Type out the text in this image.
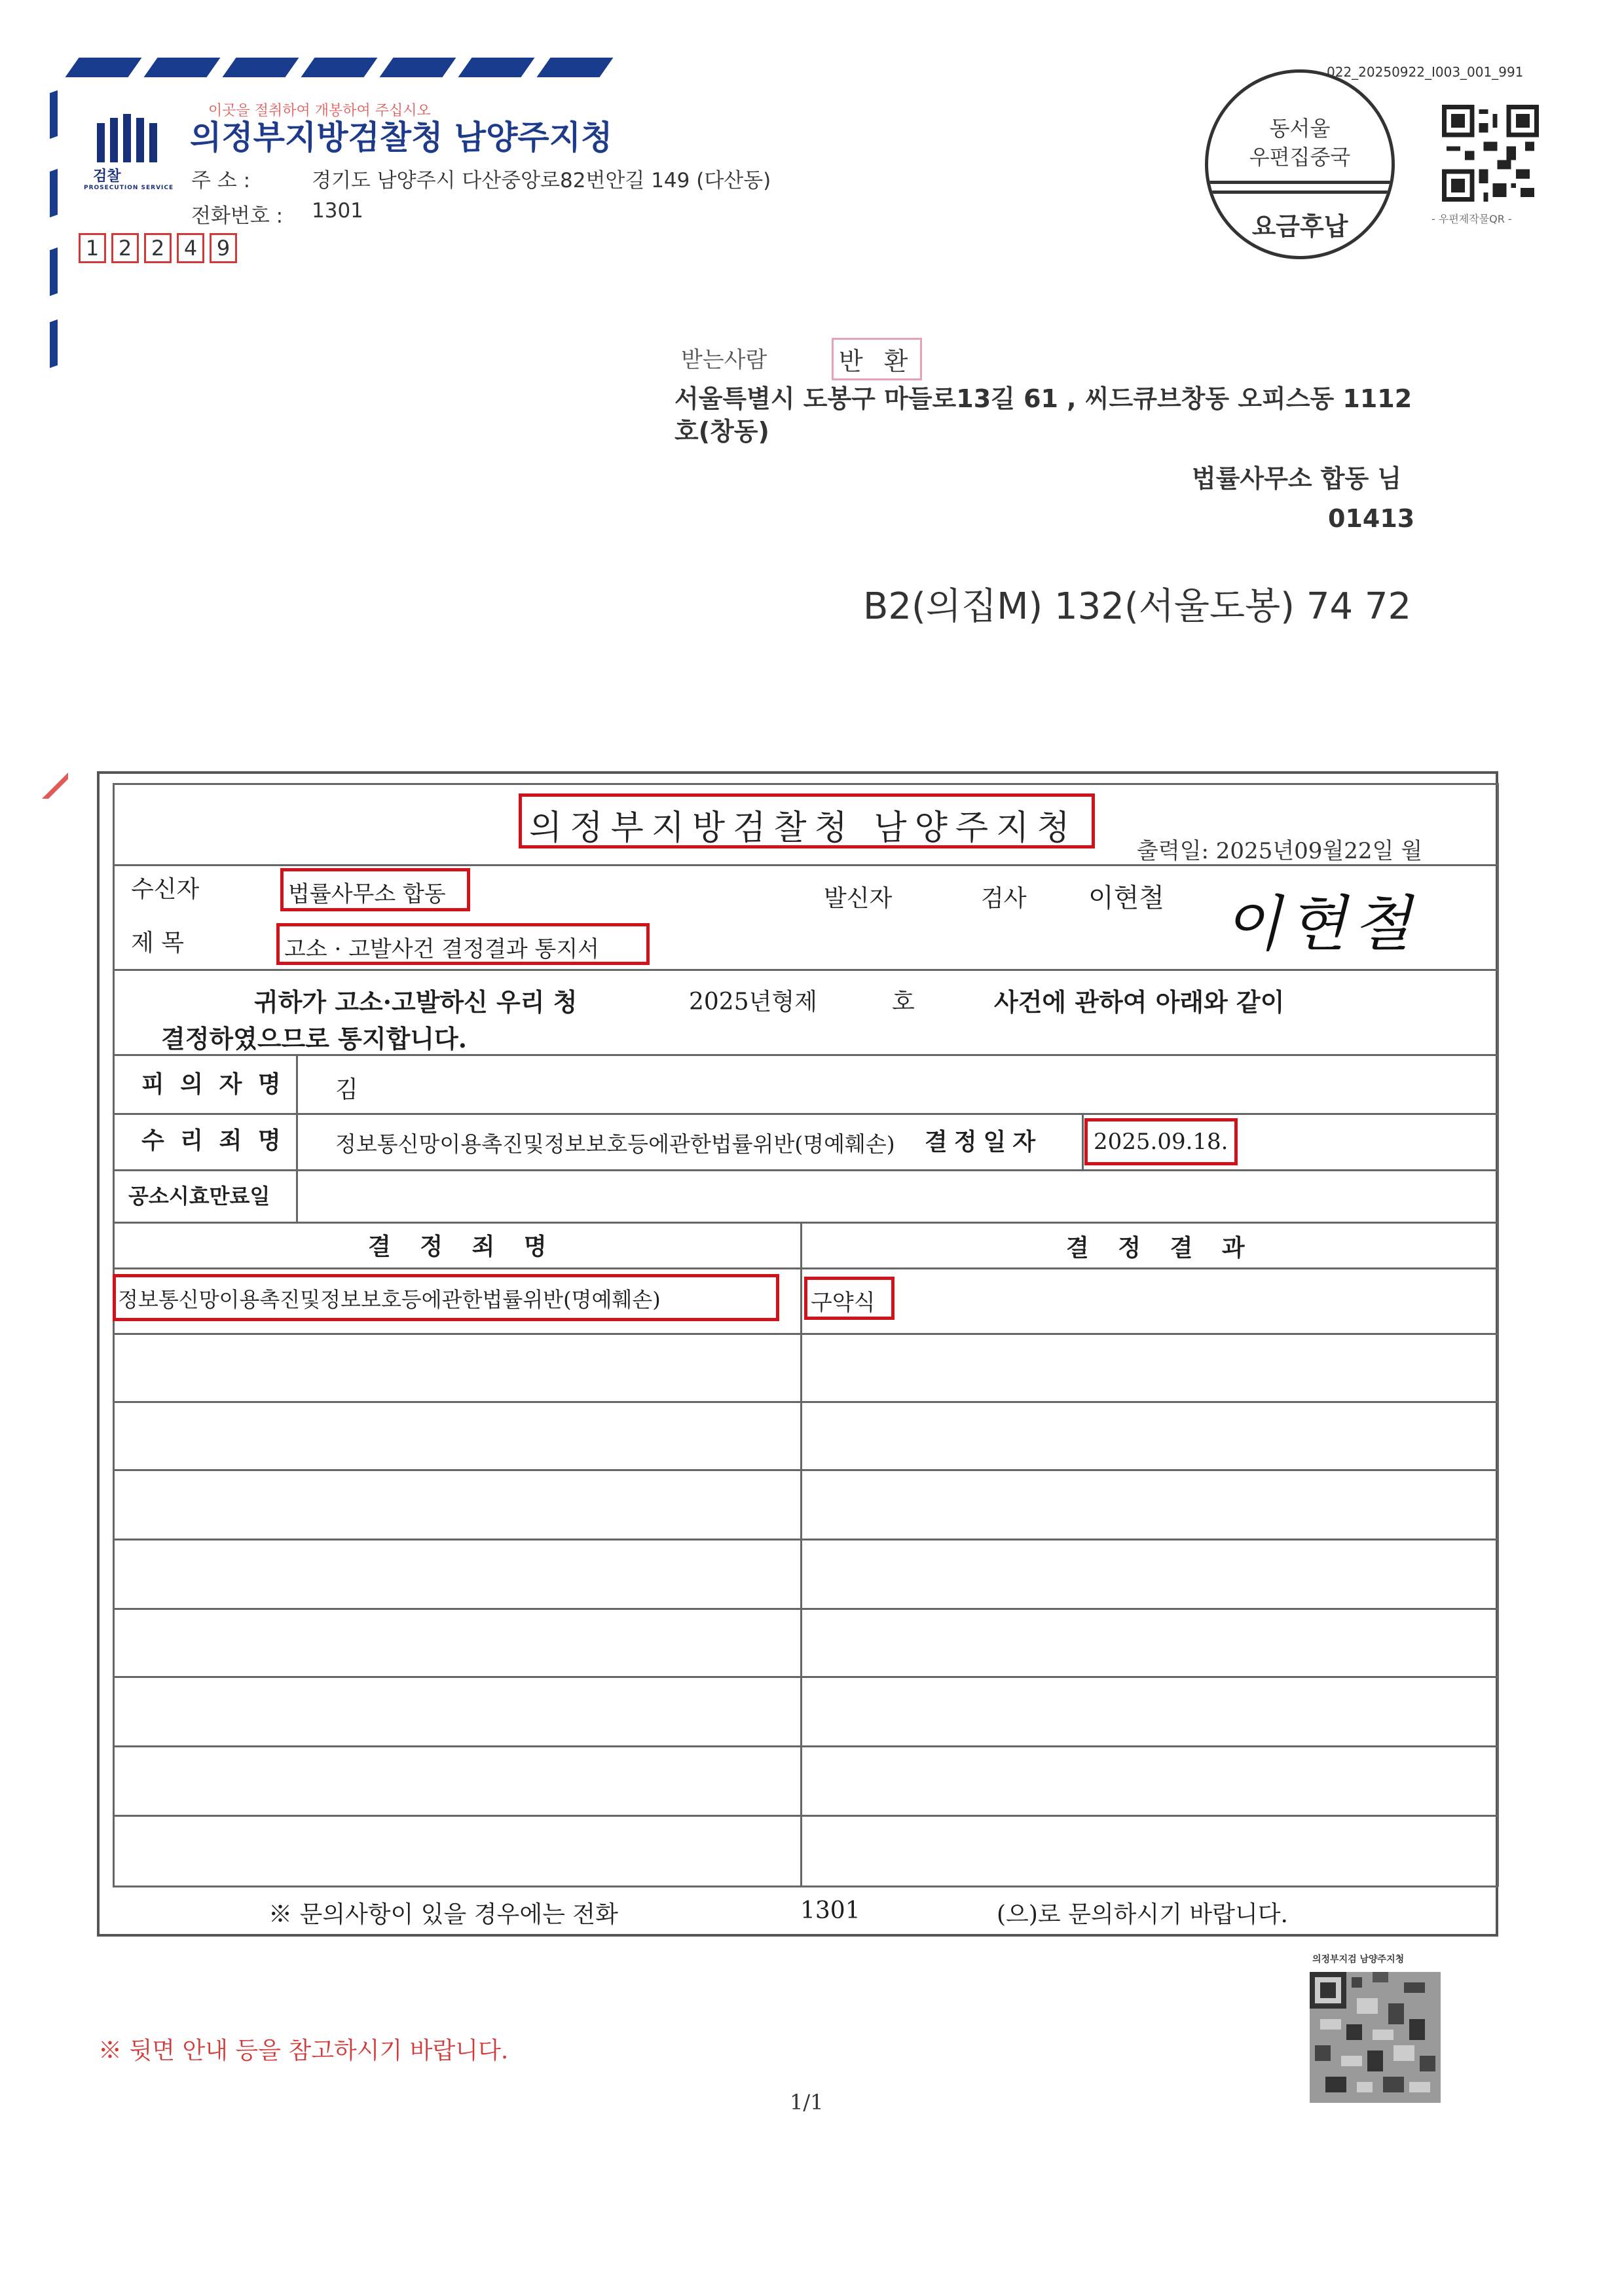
검찰
PROSECUTION SERVICE
이곳을 절취하여 개봉하여 주십시오
의정부지방검찰청 남양주지청
주 소 :	경기도 남양주시 다산중앙로82번안길 149 (다산동)
전화번호 : 1301
1 2 2 4 9
022_20250922_I003_001_991
동서울
우편집중국
요금후납	- 우편제작물QR -
받는사람	반 환
서울특별시 도봉구 마들로13길 61 , 씨드큐브창동 오피스동 1112
호(창동)
법률사무소 합동 님
01413
B2(의집M) 132(서울도봉) 74 72
의정부지방검찰청 남양주지청
출력일: 2025년09월22일 월
수신자	법률사무소 합동	발신자	검사 이현철 이현철
제 목	고소 · 고발사건 결정결과 통지서
귀하가 고소·고발하신 우리 청	2025년형제	호	사건에 관하여 아래와 같이
결정하였으므로 통지합니다.
피 의 자 명 김
수 리 죄 명 정보통신망이용촉진및정보보호등에관한법률위반(명예훼손) 결정일자 2025.09.18.
공소시효만료일
결 정 죄 명	결 정 결 과
정보통신망이용촉진및정보보호등에관한법률위반(명예훼손)	구약식
※ 문의사항이 있을 경우에는 전화	1301	(으)로 문의하시기 바랍니다.
의정부지검 남양주지청
※ 뒷면 안내 등을 참고하시기 바랍니다.
1/1
